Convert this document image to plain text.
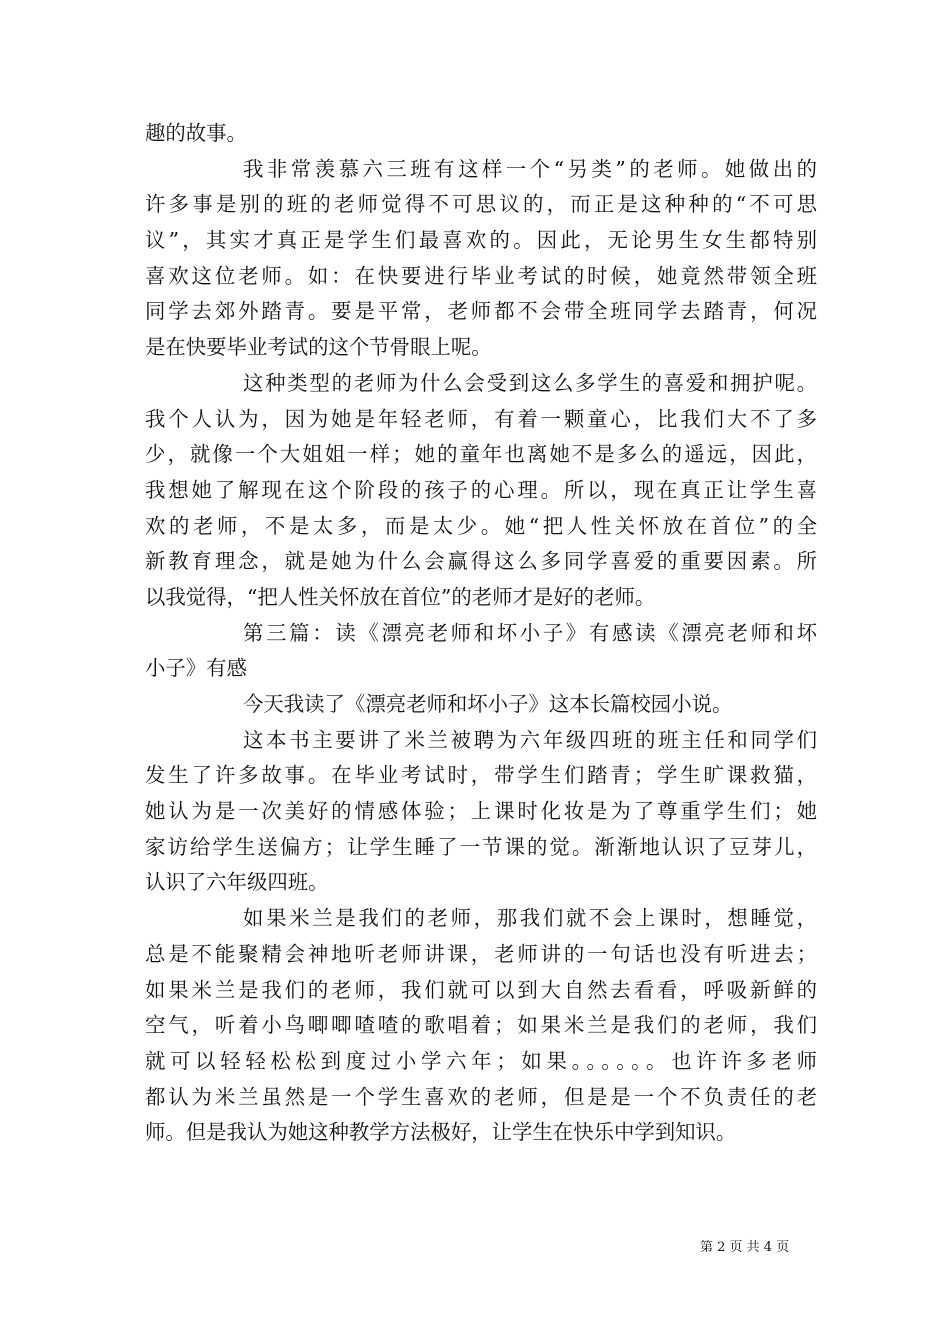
趣的故事。
我非常羡慕六三班有这样一个“另类”的老师。她做出的
许多事是别的班的老师觉得不可思议的，而正是这种种的“不可思
议”，其实才真正是学生们最喜欢的。因此，无论男生女生都特别
喜欢这位老师。如：在快要进行毕业考试的时候，她竟然带领全班
同学去郊外踏青。要是平常，老师都不会带全班同学去踏青，何况
是在快要毕业考试的这个节骨眼上呢。
这种类型的老师为什么会受到这么多学生的喜爱和拥护呢。
我个人认为，因为她是年轻老师，有着一颗童心，比我们大不了多
少，就像一个大姐姐一样；她的童年也离她不是多么的遥远，因此，
我想她了解现在这个阶段的孩子的心理。所以，现在真正让学生喜
欢的老师，不是太多，而是太少。她“把人性关怀放在首位”的全
新教育理念，就是她为什么会赢得这么多同学喜爱的重要因素。所
以我觉得，“把人性关怀放在首位”的老师才是好的老师。
第三篇：读《漂亮老师和坏小子》有感读《漂亮老师和坏
小子》有感
今天我读了《漂亮老师和坏小子》这本长篇校园小说。
这本书主要讲了米兰被聘为六年级四班的班主任和同学们
发生了许多故事。在毕业考试时，带学生们踏青；学生旷课救猫，
她认为是一次美好的情感体验；上课时化妆是为了尊重学生们；她
家访给学生送偏方；让学生睡了一节课的觉。渐渐地认识了豆芽儿，
认识了六年级四班。
如果米兰是我们的老师，那我们就不会上课时，想睡觉，
总是不能聚精会神地听老师讲课，老师讲的一句话也没有听进去；
如果米兰是我们的老师，我们就可以到大自然去看看，呼吸新鲜的
空气，听着小鸟唧唧喳喳的歌唱着；如果米兰是我们的老师，我们
就可以轻轻松松到度过小学六年；如果。。。。。。也许许多老师
都认为米兰虽然是一个学生喜欢的老师，但是是一个不负责任的老
师。但是我认为她这种教学方法极好，让学生在快乐中学到知识。
第 2 页 共 4 页
